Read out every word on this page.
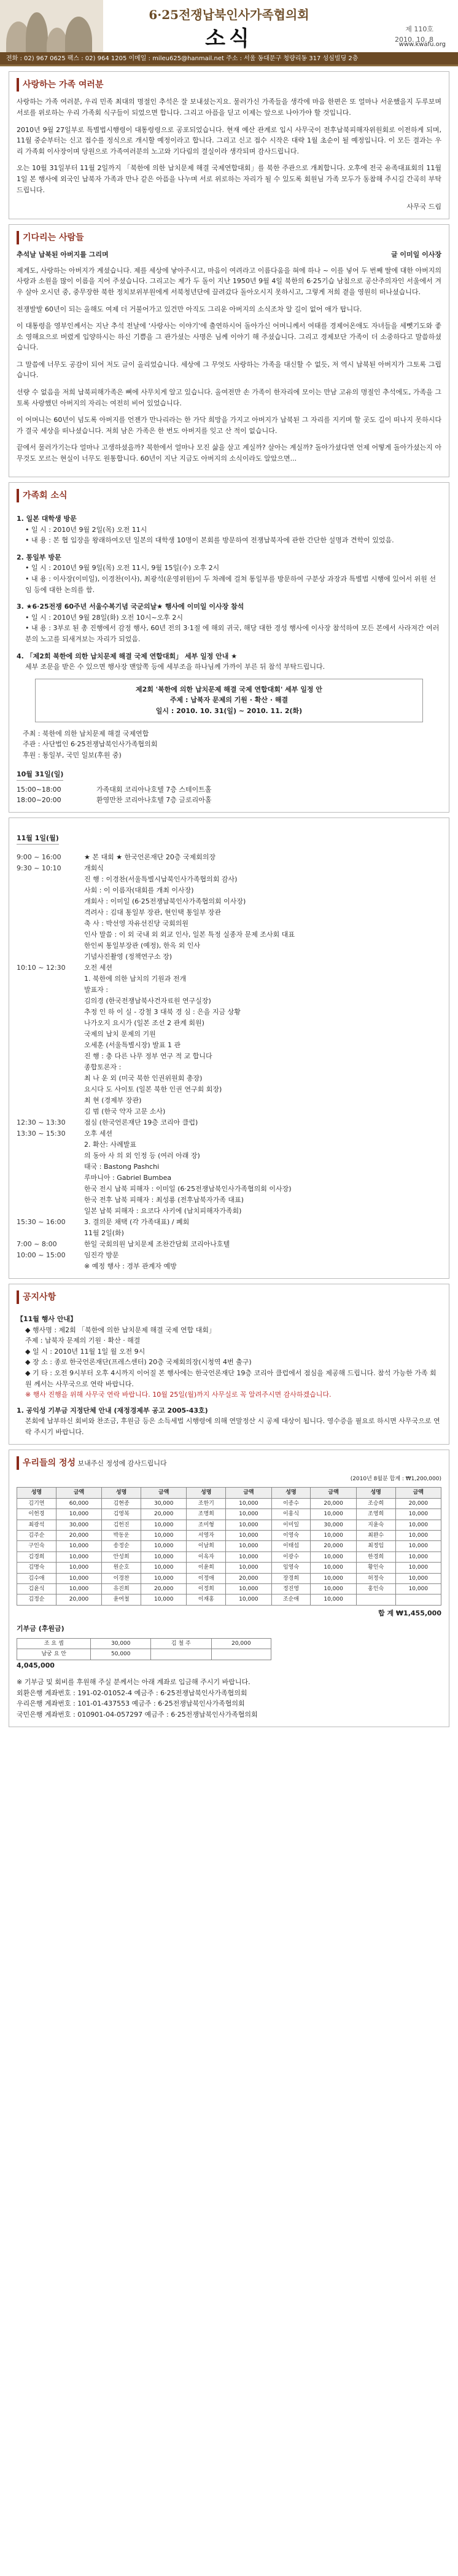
6·25전쟁납북인사가족협의회
소식	제 110호
2010. 10. 8
www.kwafu.org
전화 : 02) 967 0625 팩스 : 02) 964 1205 이메일 : mileu625@hanmail.net 주소 : 서울 동대문구 청량리동 317 성심빌딩 2층
사랑하는 가족 여러분

사랑하는 가족 여러분, 우리 민족 최대의 명절인 추석은 잘 보내셨는지요. 물러가신 가족들을 생각에 마음 한편은 또 얼마나 서운했을지 두루보며 서로를 위로하는 우리 가족회 식구들이 되었으면 합니다. 그리고 아픔을 딛고 이제는 앞으로 나아가야 할 것입니다.

2010년 9월 27일부로 특별법시행령이 대통령령으로 공포되었습니다. 현재 예산 관계로 입시 사무국이 전후납북피해자위원회로 이전하게 되며, 11월 중순부터는 신고 접수를 정식으로 개시할 예정이라고 합니다. 그리고 신고 접수 시작은 대략 1월 초순이 될 예정입니다. 이 모든 결과는 우리 가족회 이사장이며 당원으로 가족여러분의 노고와 기다림의 결실이라 생각되며 감사드립니다.

오는 10월 31일부터 11월 2일까지 「북한에 의한 납치문제 해결 국제연합대회」를 북한 주관으로 개최합니다. 오후에 전국 유족대표회의 11월 1일 본 행사에 외국인 납북자 가족과 만나 같은 아픔을 나누며 서로 위로하는 자리가 될 수 있도록 회원님 가족 모두가 동참해 주시길 간곡히 부탁드립니다.

사무국 드림
기다리는 사람들
추석날 납북된 아버지를 그리며	글 이미일 이사장

제게도, 사랑하는 아버지가 계셨습니다. 제를 세상에 낳아주시고, 마음이 여려라고 이름다움을 혀에 하나 ~ 이를 넣어 두 번째 딸에 대한 아버지의 사랑과 소원을 많이 이름을 지어 주셨습니다. 그리고는 제가 두 돌이 지난 1950년 9월 4일 북한의 6·25기습 남침으로 공산주의자인 서울에서 겨우 살아 오시던 중, 중무장한 북한 정치보위부원에게 서북청년단에 끌려갔다 돌아오시지 못하시고, 그렇게 저희 곁을 영원히 떠나셨습니다.

전쟁발발 60년이 되는 올해도 여제 더 거불어가고 있건만 아직도 그리운 아버지의 소식조차 알 길이 없어 애가 탑니다.

이 대통령을 영부인께서는 지난 추석 전날에 '사랑사는 이야기'에 출연하시어 돌아가신 어머니께서 여태를 경제어온애도 자녀들을 세뻿기도와 좋소 영해요으로 버렸게 입양하시는 하신 기쁨을 그 관가셨는 사명은 님께 이야기 해 주셨습니다. 그리고 경제보단 가족이 더 소중하다고 말씀하셨습니다.

그 말씀에 너무도 공감이 되어 저도 글이 올리었습니다. 세상에 그 무엇도 사랑하는 가족을 대신할 수 없듯, 저 역시 납북된 아버지가 그토록 그립습니다.

선량 수 없음을 저희 납북피해가족은 뼈에 사무치게 알고 있습니다. 올여전만 손 가족이 한자리에 모이는 만남 고유의 명절인 추석에도, 가족을 그토록 사랑했던 아버지의 자리는 여전히 비어 있었습니다.

이 어머니는 60년이 넘도록 아버지를 언젠가 만나리라는 한 가닥 희망을 가지고 아버지가 납북된 그 자리를 지키며 할 곳도 길이 떠나지 못하시다가 결국 세상을 떠나셨습니다. 저희 남은 가족은 한 번도 아버지를 잊고 산 적이 없습니다.

끝에서 물러가기는다 얼마나 고생하셨을까? 북한에서 얼마나 모진 삶을 살고 계실까? 살아는 계실까? 돌아가셨다면 언제 어떻게 돌아가셨는지 아무것도 모르는 현실이 너무도 원통합니다. 60년이 지난 지금도 아버지의 소식이라도 알았으면...

가족회 소식
1. 일본 대학생 방문
• 일 시 : 2010년 9월 2일(목) 오전 11시
• 내 용 : 본 협 입장을 왕래하여오던 일본의 대학생 10명이 본회를 방문하여 전쟁납북자에 관한 간단한 설명과 견학이 있었음.
2. 통일부 방문
• 일 시 : 2010년 9월 9일(목) 오전 11시, 9월 15일(수) 오후 2시
• 내 용 : 이사장(이미일), 이경찬(이사), 최광석(운영위원)이 두 차례에 걸쳐 통일부를 방문하여 구분상 과장과 특별법 시행에 있어서 위원 선임 등에 대한 논의를 함.
3. ★6·25전쟁 60주년 서울수복기념 국군의날★ 행사에 이미일 이사장 참석
• 일 시 : 2010년 9월 28일(화) 오전 10시~오후 2시
• 내 용 : 3부로 된 총 진행에서 감정 행사, 60년 전의 3·1절 에 해외 귀국, 해당 대한 경성 행사에 이사장 참석하여 모든 본에서 사라져간 여러분의 노고를 되새겨보는 자리가 되었음.
4. 「제2회 북한에 의한 납치문제 해결 국제 연합대회」 세부 일정 안내 ★
세부 조문을 받은 수 있으면 행사장 맨앞쪽 등에 세부조을 하나님께 가까이 부른 뒤 참석 부탁드립니다.
제2회 '북한에 의한 납치문제 해결 국제 연합대회' 세부 일정 안
주제 : 납북자 문제의 기원 · 확산 · 해결
일시 : 2010. 10. 31(일) ~ 2010. 11. 2(화)
주최 : 북한에 의한 납치문제 해결 국제연합
주관 : 사단법인 6·25전쟁납북인사가족협의회
후원 : 통일부, 국민 일보(후원 중)
10월 31일(일)
15:00~18:00	가족대회 코리아나호텔 7층 스테이트홀
18:00~20:00	환영만찬 코리아나호텔 7층 글로리아홀
11월 1일(월)
9:00 ~ 16:00	★ 본 대회 ★ 한국언론재단 20층 국제회의장
9:30 ~ 10:10	개회식
진 행 : 이경찬(서울특별시납북인사가족협의회 감사)
사회 : 이 이름자(대회를 개최 이사장)
개회사 : 이미일 (6·25전쟁납북인사가족협의회 이사장)
격려사 : 김대 통일부 장관, 현인택 통일부 장관
축 사 : 박선영 자유선진당 국회의원
인사 말씀 : 이 외 국내 외 외교 인사, 일본 특정 실종자 문제 조사회 대표
한인씨 통일부장관 (예정), 한옥 외 인사
기념사진촬영 (정책연구소 장)
10:10 ~ 12:30	오전 세션
1. 북한에 의한 납치의 기원과 전개
발표자 :
김의경 (한국전쟁납북사건자료원 연구실장)
추정 인 하 이 실 - 강철 3 대북 경 심 : 은을 지금 상황
나가오지 요시가 (일본 조선 2 관계 회원)
국제의 납치 문제의 기원
오세훈 (서울특별시장) 발표 1 관
진 행 : 충 다른 나무 정부 연구 적 교 합니다
종합토론자 :
최 나 운 외 (미국 북한 인권위원회 총장)
요시다 도 사이토 (일본 북한 인권 연구회 회장)
최 현 (경제부 장관)
김 범 (한국 약자 고문 소사)
12:30 ~ 13:30	점심 (한국언론재단 19층 코리아 클럽)
13:30 ~ 15:30	오후 세션
2. 확산: 사례발표
의 동아 사 의 외 인정 등 (여러 아래 장)
태국 : Bastong Pashchi
루마니아 : Gabriel Bumbea
한국 전시 납북 피해자 : 이미일 (6·25전쟁납북인사가족협의회 이사장)
한국 전후 납북 피해자 : 최성룡 (전후납북자가족 대표)
일본 납북 피해자 : 요코다 사키에 (납치피해자가족회)
15:30 ~ 16:00	3. 결의문 채택 (각 가족대표) / 폐회
11월 2일(화)
7:00 ~ 8:00	한일 국회의원 납치문제 조찬간담회 코리아나호텔
10:00 ~ 15:00	임진각 방문
※ 예정 행사 : 경부 관계자 예방
공지사항
【11월 행사 안내】
◆ 행사명 : 제2회 「북한에 의한 납치문제 해결 국제 연합 대회」
주제 : 납북자 문제의 기원 · 확산 · 해결
◆ 일 시 : 2010년 11월 1일 월 오전 9시
◆ 장 소 : 종로 한국언론재단(프레스센터) 20층 국제회의장(시청역 4번 출구)
◆ 기 타 : 오전 9시부터 오후 4시까지 이어질 본 행사에는 한국언론재단 19층 코리아 클럽에서 점심을 제공해 드립니다. 참석 가능한 가족 회원 께서는 사무국으로 연락 바랍니다.
※ 행사 진행을 위해 사무국 연락 바랍니다. 10월 25일(월)까지 사무실로 꼭 알려주시면 감사하겠습니다.
1. 공익성 기부금 지정단체 안내 (재정경제부 공고 2005-43호)
본회에 납부하신 회비와 찬조금, 후원금 등은 소득세법 시행령에 의해 연말정산 시 공제 대상이 됩니다. 영수증을 필요로 하시면 사무국으로 연락 주시기 바랍니다.
우리들의 정성 보내주신 정성에 감사드립니다
(2010년 8월분 합계 : ₩1,200,000)
성명	금액	성명	금액	성명	금액	성명	금액	성명	금액
김기연	60,000	김현종	30,000	조한기	10,000	이종수	20,000	조승희	20,000
이헌경	10,000	김영복	20,000	조명희	10,000	이홍식	10,000	조영희	10,000
최광석	30,000	김헌진	10,000	조미형	10,000	이미일	30,000	지윤숙	10,000
김주순	20,000	박동운	10,000	서영자	10,000	이영숙	10,000	최완수	10,000
구인숙	10,000	송정순	10,000	이남희	10,000	이태섭	20,000	최정임	10,000
김경희	10,000	안성희	10,000	이옥자	10,000	이광수	10,000	한경희	10,000
김명숙	10,000	원순호	10,000	이윤희	10,000	임영숙	10,000	황인숙	10,000
김수애	10,000	이경찬	10,000	이정애	20,000	장경희	10,000	허정숙	10,000
김윤식	10,000	유진희	20,000	이정희	10,000	정진영	10,000	홍인숙	10,000
김정순	20,000	윤여철	10,000	이재홍	10,000	조순애	10,000		
합 계 ₩1,455,000
기부금 (후원금)
조 요 셉	30,000	김 철 주	20,000
남궁 요 안	50,000		
4,045,000
※ 기부금 및 회비를 후원해 주실 분께서는 아래 계좌로 입금해 주시기 바랍니다.
외환은행 계좌번호 : 191-02-01052-4 예금주 : 6·25전쟁납북인사가족협의회
우리은행 계좌번호 : 101-01-437553 예금주 : 6·25전쟁납북인사가족협의회
국민은행 계좌번호 : 010901-04-057297 예금주 : 6·25전쟁납북인사가족협의회
